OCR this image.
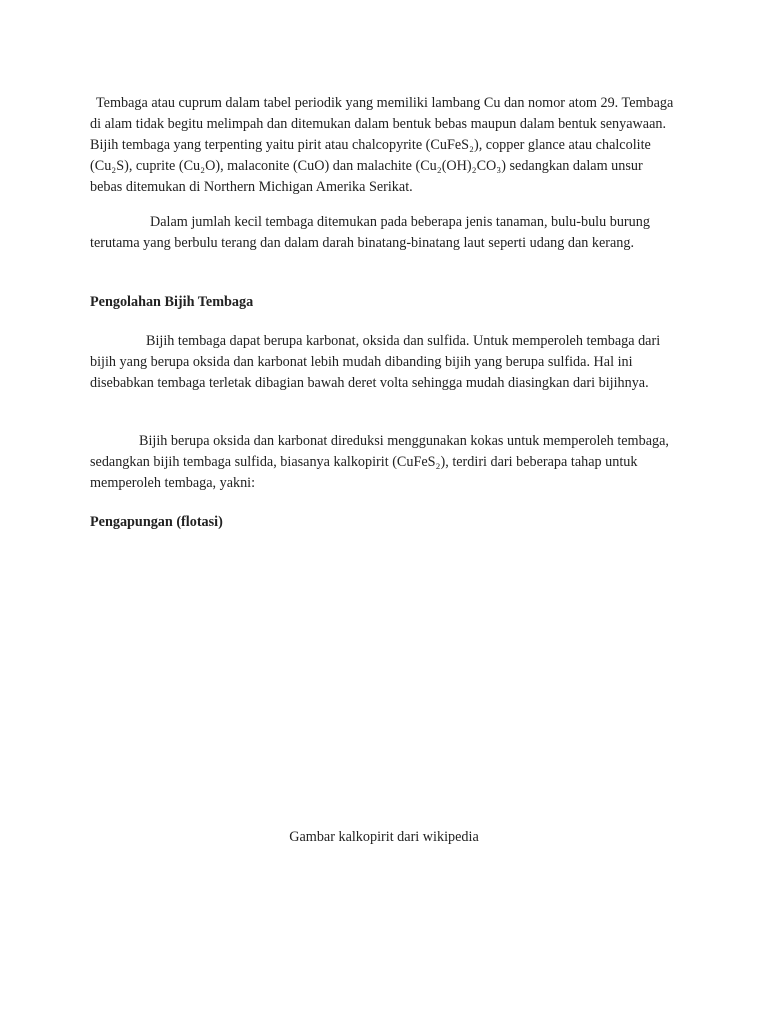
Tembaga atau cuprum dalam tabel periodik yang memiliki lambang Cu dan nomor atom 29. Tembaga di alam tidak begitu melimpah dan ditemukan dalam bentuk bebas maupun dalam bentuk senyawaan. Bijih tembaga yang terpenting yaitu pirit atau chalcopyrite (CuFeS₂), copper glance atau chalcolite (Cu₂S), cuprite (Cu₂O), malaconite (CuO) dan malachite (Cu₂(OH)₂CO₃) sedangkan dalam unsur bebas ditemukan di Northern Michigan Amerika Serikat.

Dalam jumlah kecil tembaga ditemukan pada beberapa jenis tanaman, bulu-bulu burung terutama yang berbulu terang dan dalam darah binatang-binatang laut seperti udang dan kerang.

Pengolahan Bijih Tembaga

Bijih tembaga dapat berupa karbonat, oksida dan sulfida. Untuk memperoleh tembaga dari bijih yang berupa oksida dan karbonat lebih mudah dibanding bijih yang berupa sulfida. Hal ini disebabkan tembaga terletak dibagian bawah deret volta sehingga mudah diasingkan dari bijihnya.

Bijih berupa oksida dan karbonat direduksi menggunakan kokas untuk memperoleh tembaga, sedangkan bijih tembaga sulfida, biasanya kalkopirit (CuFeS₂), terdiri dari beberapa tahap untuk memperoleh tembaga, yakni:

Pengapungan (flotasi)

Gambar kalkopirit dari wikipedia
